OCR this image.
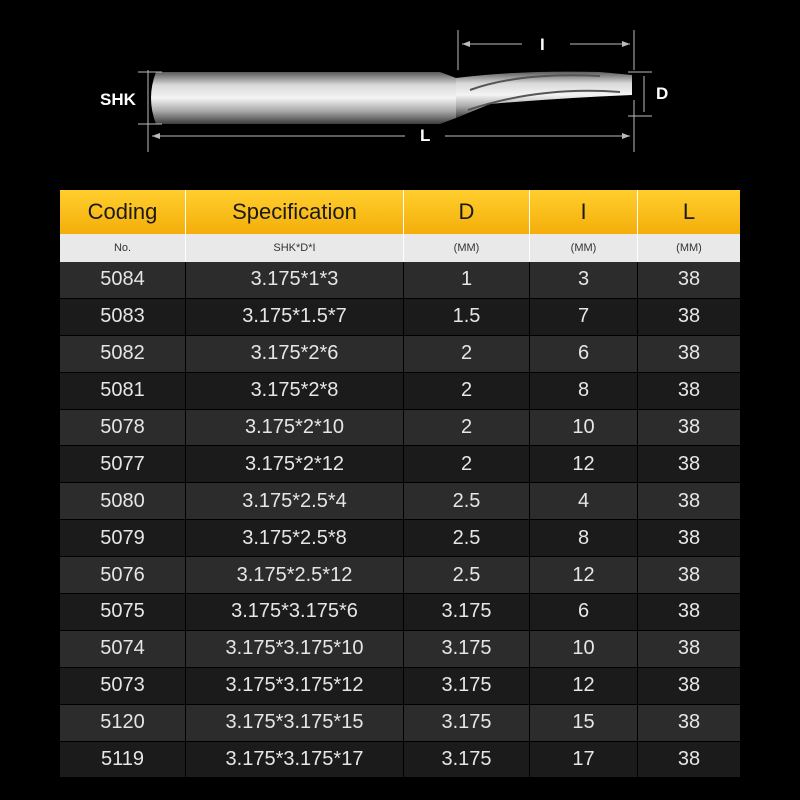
SHK
L
I
D
Coding	Specification	D	I	L
No.	SHK*D*I	(MM)	(MM)	(MM)
5084	3.175*1*3	1	3	38
5083	3.175*1.5*7	1.5	7	38
5082	3.175*2*6	2	6	38
5081	3.175*2*8	2	8	38
5078	3.175*2*10	2	10	38
5077	3.175*2*12	2	12	38
5080	3.175*2.5*4	2.5	4	38
5079	3.175*2.5*8	2.5	8	38
5076	3.175*2.5*12	2.5	12	38
5075	3.175*3.175*6	3.175	6	38
5074	3.175*3.175*10	3.175	10	38
5073	3.175*3.175*12	3.175	12	38
5120	3.175*3.175*15	3.175	15	38
5119	3.175*3.175*17	3.175	17	38
